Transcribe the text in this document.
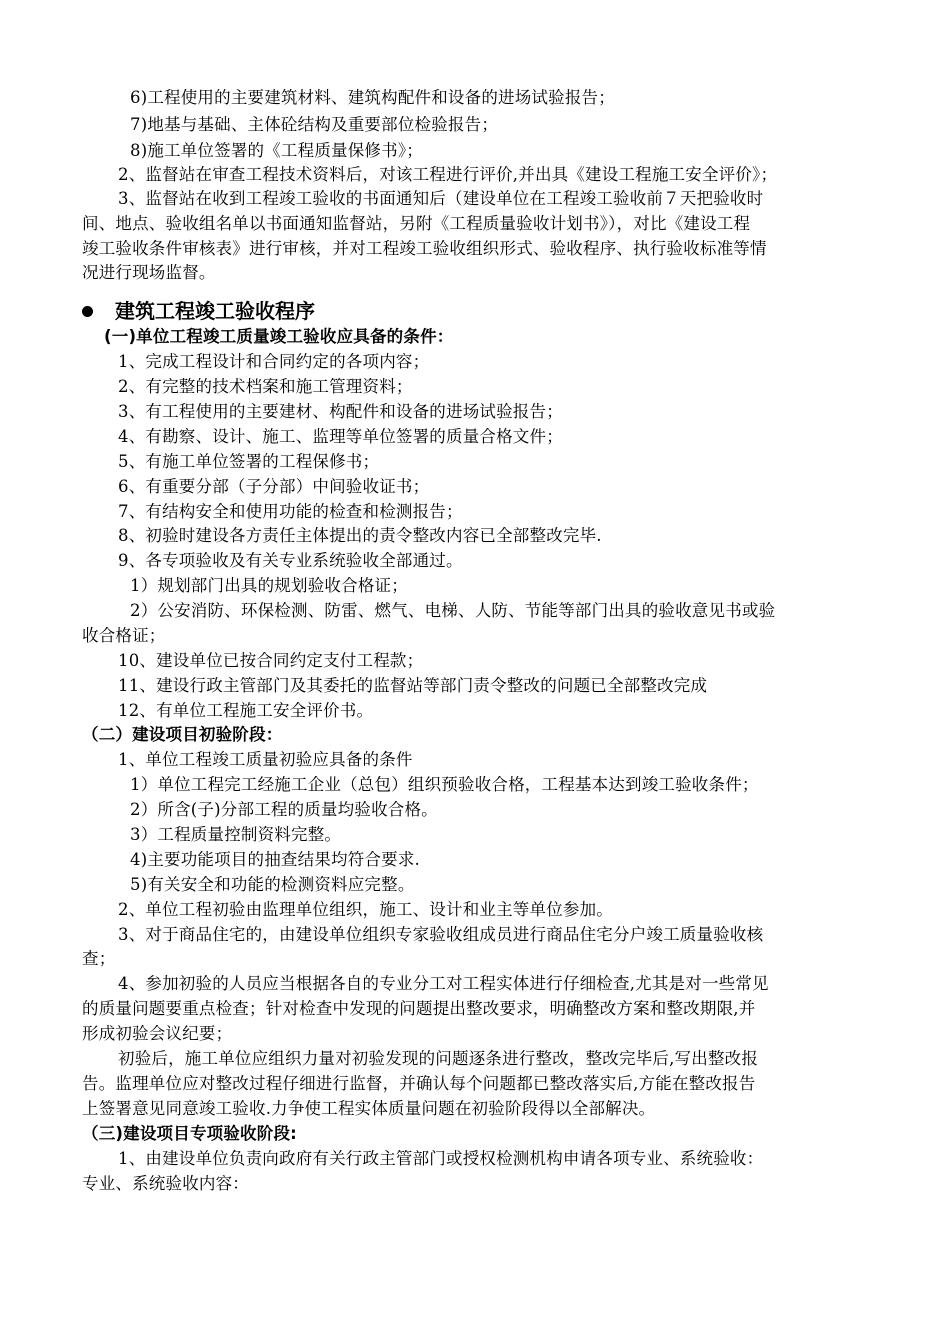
6)工程使用的主要建筑材料、建筑构配件和设备的进场试验报告；
7)地基与基础、主体砼结构及重要部位检验报告；
8)施工单位签署的《工程质量保修书》；
2、监督站在审查工程技术资料后，对该工程进行评价,并出具《建设工程施工安全评价》；
3、监督站在收到工程竣工验收的书面通知后（建设单位在工程竣工验收前７天把验收时
间、地点、验收组名单以书面通知监督站，另附《工程质量验收计划书》），对比《建设工程
竣工验收条件审核表》进行审核，并对工程竣工验收组织形式、验收程序、执行验收标准等情
况进行现场监督。
建筑工程竣工验收程序
(一)单位工程竣工质量竣工验收应具备的条件：
1、完成工程设计和合同约定的各项内容；
2、有完整的技术档案和施工管理资料；
3、有工程使用的主要建材、构配件和设备的进场试验报告；
4、有勘察、设计、施工、监理等单位签署的质量合格文件；
5、有施工单位签署的工程保修书；
6、有重要分部（子分部）中间验收证书；
7、有结构安全和使用功能的检查和检测报告；
8、初验时建设各方责任主体提出的责令整改内容已全部整改完毕.
9、各专项验收及有关专业系统验收全部通过。
1）规划部门出具的规划验收合格证；
2）公安消防、环保检测、防雷、燃气、电梯、人防、节能等部门出具的验收意见书或验
收合格证；
10、建设单位已按合同约定支付工程款；
11、建设行政主管部门及其委托的监督站等部门责令整改的问题已全部整改完成
12、有单位工程施工安全评价书。
（二）建设项目初验阶段：
1、单位工程竣工质量初验应具备的条件
1）单位工程完工经施工企业（总包）组织预验收合格，工程基本达到竣工验收条件；
2）所含(子)分部工程的质量均验收合格。
3）工程质量控制资料完整。
4)主要功能项目的抽查结果均符合要求.
5)有关安全和功能的检测资料应完整。
2、单位工程初验由监理单位组织，施工、设计和业主等单位参加。
3、对于商品住宅的，由建设单位组织专家验收组成员进行商品住宅分户竣工质量验收核
查；
4、参加初验的人员应当根据各自的专业分工对工程实体进行仔细检查,尤其是对一些常见
的质量问题要重点检查；针对检查中发现的问题提出整改要求，明确整改方案和整改期限,并
形成初验会议纪要；
初验后，施工单位应组织力量对初验发现的问题逐条进行整改，整改完毕后,写出整改报
告。监理单位应对整改过程仔细进行监督，并确认每个问题都已整改落实后,方能在整改报告
上签署意见同意竣工验收.力争使工程实体质量问题在初验阶段得以全部解决。
（三)建设项目专项验收阶段:
1、由建设单位负责向政府有关行政主管部门或授权检测机构申请各项专业、系统验收：
专业、系统验收内容：
